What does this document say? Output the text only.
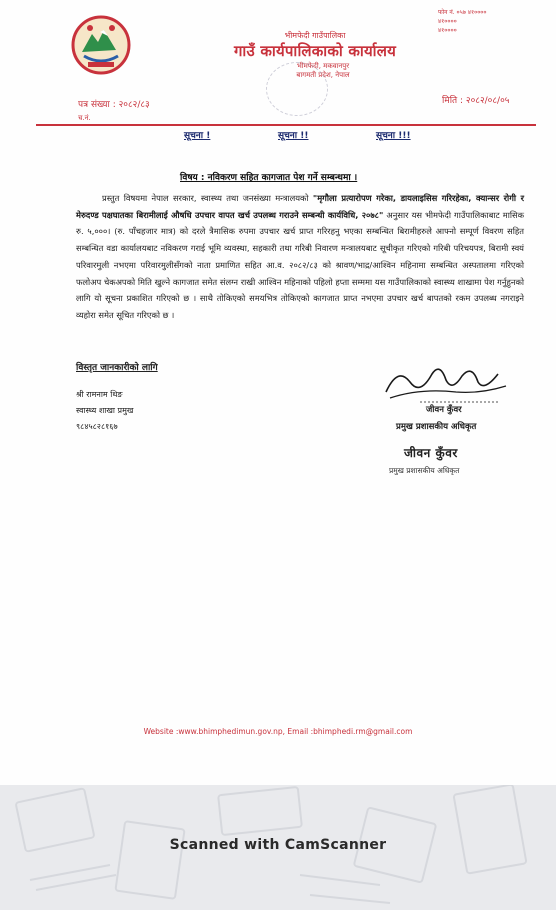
भीमफेदी गाउँपालिका
गाउँ कार्यपालिकाको कार्यालय
भीमफेदी, मकवानपुर
बागमती प्रदेश, नेपाल
फोन नं. ०५७ ४१००००
४१००००
४१००००
पत्र संख्या : २०८२/८३
च.नं.
मिति : २०८२/०८/०५
सूचना !	सूचना !!	सूचना !!!
विषय : नविकरण सहित कागजात पेश गर्ने सम्बन्धमा ।
प्रस्तुत विषयमा नेपाल सरकार, स्वास्थ्य तथा जनसंख्या मन्त्रालयको "मृगौला प्रत्यारोपण गरेका, डायलाइसिस गरिरहेका, क्यान्सर रोगी र मेरुदण्ड पक्षघातका बिरामीलाई औषधि उपचार वापत खर्च उपलब्ध गराउने सम्बन्धी कार्यविधि, २०७८" अनुसार यस भीमफेदी गाउँपालिकाबाट मासिक रु. ५,०००। (रु. पाँचहजार मात्र) को दरले त्रैमासिक रुपमा उपचार खर्च प्राप्त गरिरहनु भएका सम्बन्धित बिरामीहरुले आफ्नो सम्पूर्ण विवरण सहित सम्बन्धित वडा कार्यालयबाट नविकरण गराई भूमि व्यवस्था, सहकारी तथा गरिबी निवारण मन्त्रालयबाट सूचीकृत गरिएको गरिबी परिचयपत्र, बिरामी स्वयं परिवारमुली नभएमा परिवारमुलीसँगको नाता प्रमाणित सहित आ.व. २०८२/८३ को श्रावण/भाद्र/आश्विन महिनामा सम्बन्धित अस्पतालमा गरिएको फलोअप चेकअपको मिति खुल्ने कागजात समेत संलग्न राखी आश्विन महिनाको पहिलो हप्ता सम्ममा यस गाउँपालिकाको स्वास्थ्य शाखामा पेश गर्नुहुनको लागि यो सूचना प्रकाशित गरिएको छ । साथै तोकिएको समयभित्र तोकिएको कागजात प्राप्त नभएमा उपचार खर्च बापतको रकम उपलब्ध नगराइने व्यहोरा समेत सूचित गरिएको छ ।
विस्तृत जानकारीको लागि
श्री रामनाम थिङ
स्वास्थ्य शाखा प्रमुख
९८४५८२८१६७
जीवन कुँवर
प्रमुख प्रशासकीय अधिकृत
जीवन कुँवर
प्रमुख प्रशासकीय अधिकृत
Website :www.bhimphedimun.gov.np, Email :bhimphedi.rm@gmail.com
Scanned with CamScanner
